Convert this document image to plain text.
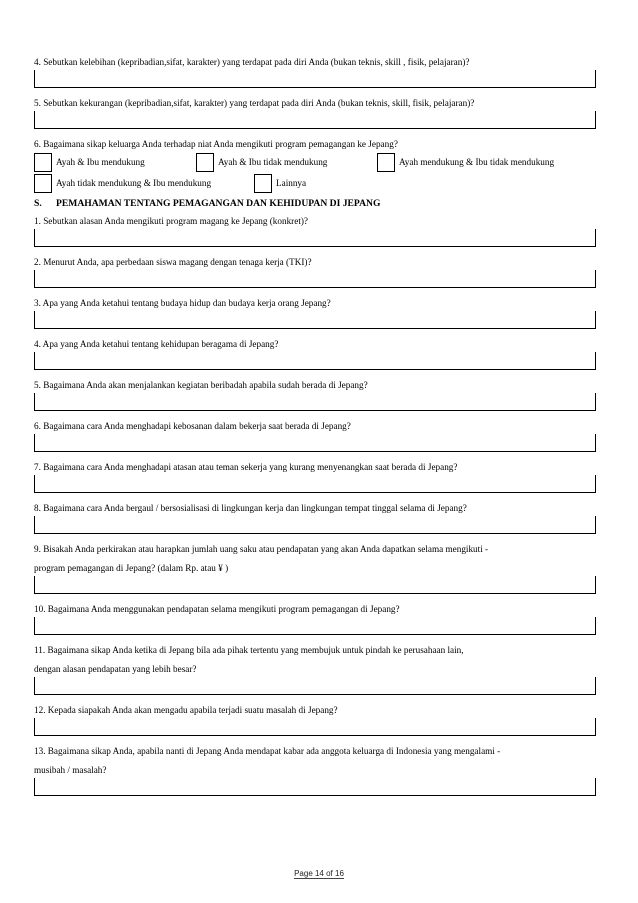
4. Sebutkan kelebihan (kepribadian,sifat, karakter) yang terdapat pada diri Anda (bukan teknis, skill , fisik, pelajaran)?

5. Sebutkan kekurangan (kepribadian,sifat, karakter) yang terdapat pada diri Anda (bukan teknis, skill, fisik, pelajaran)?

6. Bagaimana sikap keluarga Anda terhadap niat Anda mengikuti program pemagangan ke Jepang?

Ayah & Ibu mendukung	Ayah & Ibu tidak mendukung	Ayah mendukung & Ibu tidak mendukung
Ayah tidak mendukung & Ibu mendukung	Lainnya
S. PEMAHAMAN TENTANG PEMAGANGAN DAN KEHIDUPAN DI JEPANG

1. Sebutkan alasan Anda mengikuti program magang ke Jepang (konkret)?

2. Menurut Anda, apa perbedaan siswa magang dengan tenaga kerja (TKI)?

3. Apa yang Anda ketahui tentang budaya hidup dan budaya kerja orang Jepang?

4. Apa yang Anda ketahui tentang kehidupan beragama di Jepang?

5. Bagaimana Anda akan menjalankan kegiatan beribadah apabila sudah berada di Jepang?

6. Bagaimana cara Anda menghadapi kebosanan dalam bekerja saat berada di Jepang?

7. Bagaimana cara Anda menghadapi atasan atau teman sekerja yang kurang menyenangkan saat berada di Jepang?

8. Bagaimana cara Anda bergaul / bersosialisasi di lingkungan kerja dan lingkungan tempat tinggal selama di Jepang?

9. Bisakah Anda perkirakan atau harapkan jumlah uang saku atau pendapatan yang akan Anda dapatkan selama mengikuti -

program pemagangan di Jepang? (dalam Rp. atau ¥ )

10. Bagaimana Anda menggunakan pendapatan selama mengikuti program pemagangan di Jepang?

11. Bagaimana sikap Anda ketika di Jepang bila ada pihak tertentu yang membujuk untuk pindah ke perusahaan lain,

dengan alasan pendapatan yang lebih besar?

12. Kepada siapakah Anda akan mengadu apabila terjadi suatu masalah di Jepang?

13. Bagaimana sikap Anda, apabila nanti di Jepang Anda mendapat kabar ada anggota keluarga di Indonesia yang mengalami -

musibah / masalah?

Page 14 of 16
